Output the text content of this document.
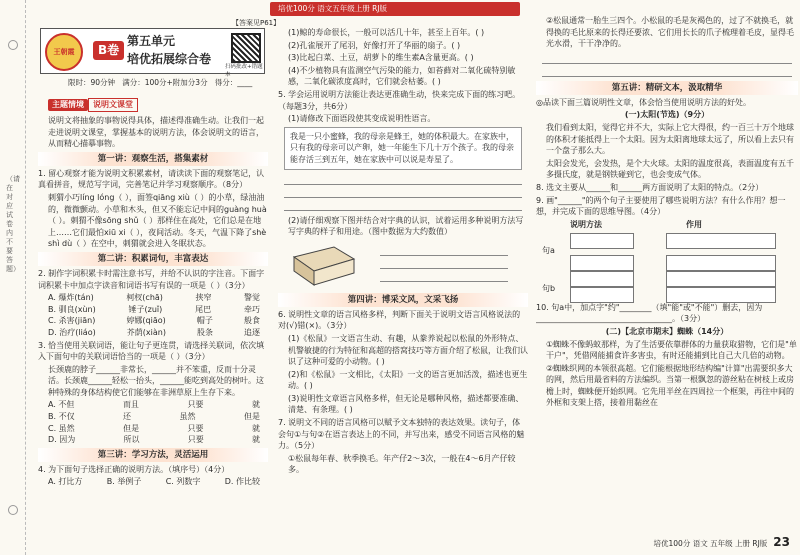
（请在对应试卷内不要答题）
培优100分 语文五年级上册 RJ版
【答案见P61】
王朝霞	B卷
第五单元
培优拓展综合卷
扫码批改+错题本
限时：90分钟 满分：100分+附加分3分 得分：____
主题情境 说明文课堂

说明文将抽象的事物说得具体，描述得准确生动。让我们一起走进说明文课堂，掌握基本的说明方法，体会说明文的语言，从而精心描摹事物。

第一讲：观察生活，搭集素材

1. 留心观察才能为说明文积累素材，请读读下面的观察笔记，认真看拼音，规范写字词，完善笔记并学习观察顺序。（8分）

刺猬小巧líng lóng（ ），面签qiāng xiù（ ）的小草，绿油油的，微微颤动。小草和木头，但又不能忘记中间的guàng huà（ ）。刺猬不像sōng shǔ（ ）那样住在高处，它们总是在地上……它们最怕xiū xi（ ），夜间活动。冬天，气温下降了shè shì dù（ ）在空中，刺猬就会进入冬眠状态。

第二讲：积累词句，丰富表达

2. 制作字词积累卡时需注意书写，并给不认识的字注音。下面字词积累卡中加点字读音和词语书写有误的一项是（ ）（3分）

A. 爆炸(tán)	柯杈(chā)	挟窄	警觉
B. 驯良(xùn)	锤子(zuǐ)	尾巴	牵巧
C. 杀害(jiān)	婷娜(qiāo)	帽子	般食
D. 治疗(liáo)	芥荫(xiàn)	股条	追逐

3. 恰当使用关联词语，能让句子更连贯，请选择关联词，依次填入下面句中的关联词语恰当的一项是（ ）（3分）

长颈鹿的脖子______非常长，______并不笨重，反而十分灵活。长颈鹿______轻松一抬头，______能吃到高处的树叶。这种特殊的身体结构使它们能够在非洲草原上生存下来。

A. 不但	而且	只要	就
B. 不仅	还	虽然	但是
C. 虽然	但是	只要	就
D. 因为	所以	只要	就
第三讲：学习方法，灵活运用

4. 为下面句子选择正确的说明方法。（填序号）（4分）

A. 打比方	B. 举例子	C. 列数字	D. 作比较

(1)鲸的寿命很长，一般可以活几十年，甚至上百年。( )

(2)孔雀展开了尾羽，好像打开了华丽的扇子。( )

(3)比起白菜、土豆，胡萝卜的维生素A含量更高。( )

(4)不少植物具有监测空气污染的能力，如苔藓对二氧化硫特别敏感，二氧化碳浓度高时，它们就会枯萎。( )

5. 学会运用说明方法能让表达更准确生动，快来完成下面的练习吧。（每题3分，共6分）

(1)请修改下面语段使其变成说明性语言。

我是一只小蜜蜂，我的母亲是蜂王，她的体积最大。在家族中，只有我的母亲可以产卵，她一年能生下几十万个孩子。我的母亲能存活三到五年，她在家族中可以说是寿星了。

(2)请仔细观察下图并结合对字典的认识，试着运用多种说明方法写写字典的样子和用途。（图中数据为大约数值）

第四讲：博采文风，文采飞扬

6. 说明性文章的语言风格多样，判断下面关于说明文语言风格说法的对(√)错(×)。（3分）

(1)《松鼠》一文语言生动、有趣，从豢养说起以松鼠的外形特点、机警敏捷的行为特征和高超的搭窝技巧等方面介绍了松鼠，让我们认识了这种可爱的小动物。( )

(2)和《松鼠》一文相比，《太阳》一文的语言更加活泼，描述也更生动。( )

(3)说明性文章语言风格多样，但无论是哪种风格，描述都要准确、清楚、有条理。( )

7. 说明文不同的语言风格可以赋予文本独特的表达效果。读句子，体会句①与句②在语言表达上的不同，并写出来，感受不同语言风格的魅力。（5分）

①松鼠每年春、秋季换毛。年产仔2～3次，一般在4～6月产仔较多。

②松鼠通常一胎生三四个。小松鼠的毛是灰褐色的，过了不就换毛，就得换的毛比原来的长得还要浓、它们用长长的爪子梳理着毛皮，显得毛光水滑，干干净净的。

第五讲：精研文本，汲取精华

◎品读下面三篇说明性文章，体会恰当使用说明方法的好处。

(一)太阳(节选)（9分）

我们看到太阳，觉得它并不大，实际上它大得很，约一百三十万个地球的体积才能抵得上一个太阳。因为太阳离地球太远了，所以看上去只有一个盘子那么大。

太阳会发光，会发热，是个大火球。太阳的温度很高，表面温度有五千多摄氏度，就是钢铁碰到它，也会变成气体。

8. 选文主要从______和______两方面说明了太阳的特点。（2分）

9. 画"______"的两个句子主要使用了哪些说明方法？有什么作用？想一想，并完成下面的思维导图。（4分）

说明方法	作用
句a
句b

10. 句a中，加点字"约"________（填"能"或"不能"）删去，因为__________________________________。（3分）

(二)【北京市期末】蜘蛛（14分）

①蜘蛛不像蚂蚁那样，为了生活要依靠群体的力量获取猎物，它们是"单干户"，凭借网能捕食许多害虫，有时还能捕到比自己大几倍的动物。

②蜘蛛织网的本领很高超。它们能根据地形结构编"计算"出需要织多大的网，然后用最省料的方法编织。当第一根飘忽的游丝粘在树枝上或房檐上时，蜘蛛便开始织网。它先用半丝在四周拉一个框架，再往中间的外框和支架上搭，接着用黏丝在

培优100分 语文 五年级 上册 RJ版 23
